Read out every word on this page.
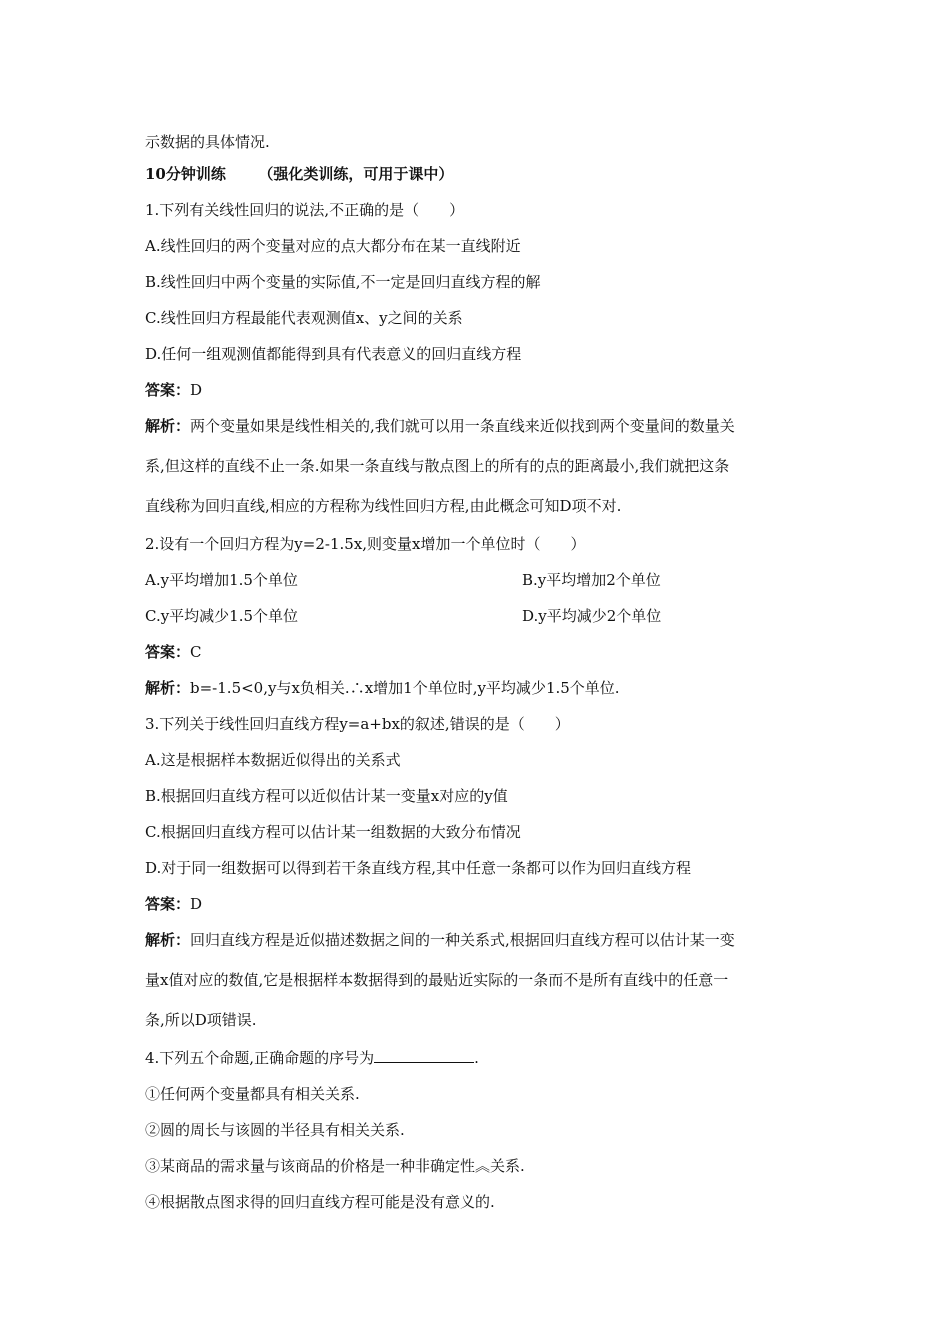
示数据的具体情况.
10分钟训练 （强化类训练，可用于课中）
1.下列有关线性回归的说法,不正确的是（　　）
A.线性回归的两个变量对应的点大都分布在某一直线附近
B.线性回归中两个变量的实际值,不一定是回归直线方程的解
C.线性回归方程最能代表观测值x、y之间的关系
D.任何一组观测值都能得到具有代表意义的回归直线方程
答案：D
解析：两个变量如果是线性相关的,我们就可以用一条直线来近似找到两个变量间的数量关
系,但这样的直线不止一条.如果一条直线与散点图上的所有的点的距离最小,我们就把这条
直线称为回归直线,相应的方程称为线性回归方程,由此概念可知D项不对.
2.设有一个回归方程为y=2-1.5x,则变量x增加一个单位时（　　）
A.y平均增加1.5个单位	B.y平均增加2个单位
C.y平均减少1.5个单位	D.y平均减少2个单位
答案：C
解析：b=-1.5<0,y与x负相关.∴x增加1个单位时,y平均减少1.5个单位.
3.下列关于线性回归直线方程y=a+bx的叙述,错误的是（　　）
A.这是根据样本数据近似得出的关系式
B.根据回归直线方程可以近似估计某一变量x对应的y值
C.根据回归直线方程可以估计某一组数据的大致分布情况
D.对于同一组数据可以得到若干条直线方程,其中任意一条都可以作为回归直线方程
答案：D
解析：回归直线方程是近似描述数据之间的一种关系式,根据回归直线方程可以估计某一变
量x值对应的数值,它是根据样本数据得到的最贴近实际的一条而不是所有直线中的任意一
条,所以D项错误.
4.下列五个命题,正确命题的序号为	.
①任何两个变量都具有相关关系.
②圆的周长与该圆的半径具有相关关系.
③某商品的需求量与该商品的价格是一种非确定性︽关系.
④根据散点图求得的回归直线方程可能是没有意义的.
